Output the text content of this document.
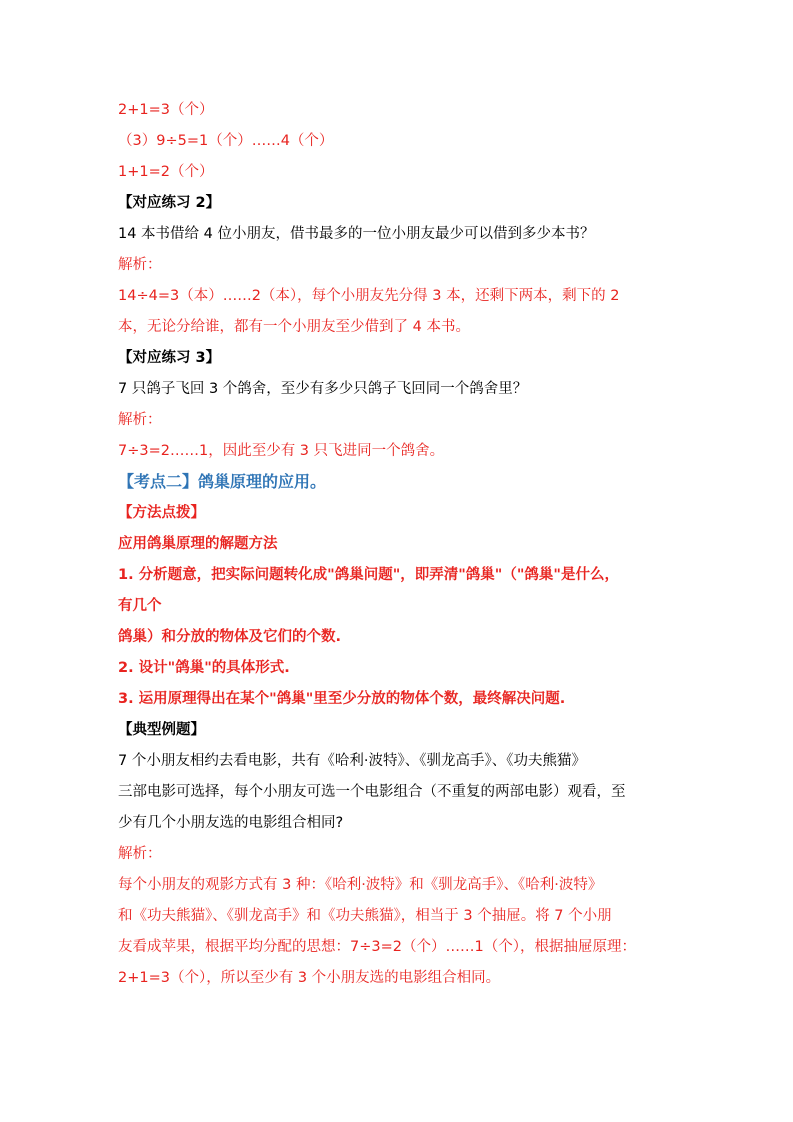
2+1=3（个）
（3）9÷5=1（个）……4（个）
1+1=2（个）
【对应练习 2】
14 本书借给 4 位小朋友，借书最多的一位小朋友最少可以借到多少本书？
解析：
14÷4=3（本）……2（本），每个小朋友先分得 3 本，还剩下两本，剩下的 2
本，无论分给谁，都有一个小朋友至少借到了 4 本书。
【对应练习 3】
7 只鸽子飞回 3 个鸽舍，至少有多少只鸽子飞回同一个鸽舍里？
解析：
7÷3=2……1，因此至少有 3 只飞进同一个鸽舍。
【考点二】鸽巢原理的应用。
【方法点拨】
应用鸽巢原理的解题方法
1. 分析题意，把实际问题转化成"鸽巢问题"，即弄清"鸽巢"（"鸽巢"是什么，
有几个
鸽巢）和分放的物体及它们的个数.
2. 设计"鸽巢"的具体形式.
3. 运用原理得出在某个"鸽巢"里至少分放的物体个数，最终解决问题.
【典型例题】
7 个小朋友相约去看电影，共有《哈利·波特》、《驯龙高手》、《功夫熊猫》
三部电影可选择，每个小朋友可选一个电影组合（不重复的两部电影）观看，至
少有几个小朋友选的电影组合相同?
解析：
每个小朋友的观影方式有 3 种：《哈利·波特》和《驯龙高手》、《哈利·波特》
和《功夫熊猫》、《驯龙高手》和《功夫熊猫》，相当于 3 个抽屉。将 7 个小朋
友看成苹果，根据平均分配的思想：7÷3=2（个）……1（个），根据抽屉原理：
2+1=3（个），所以至少有 3 个小朋友选的电影组合相同。
